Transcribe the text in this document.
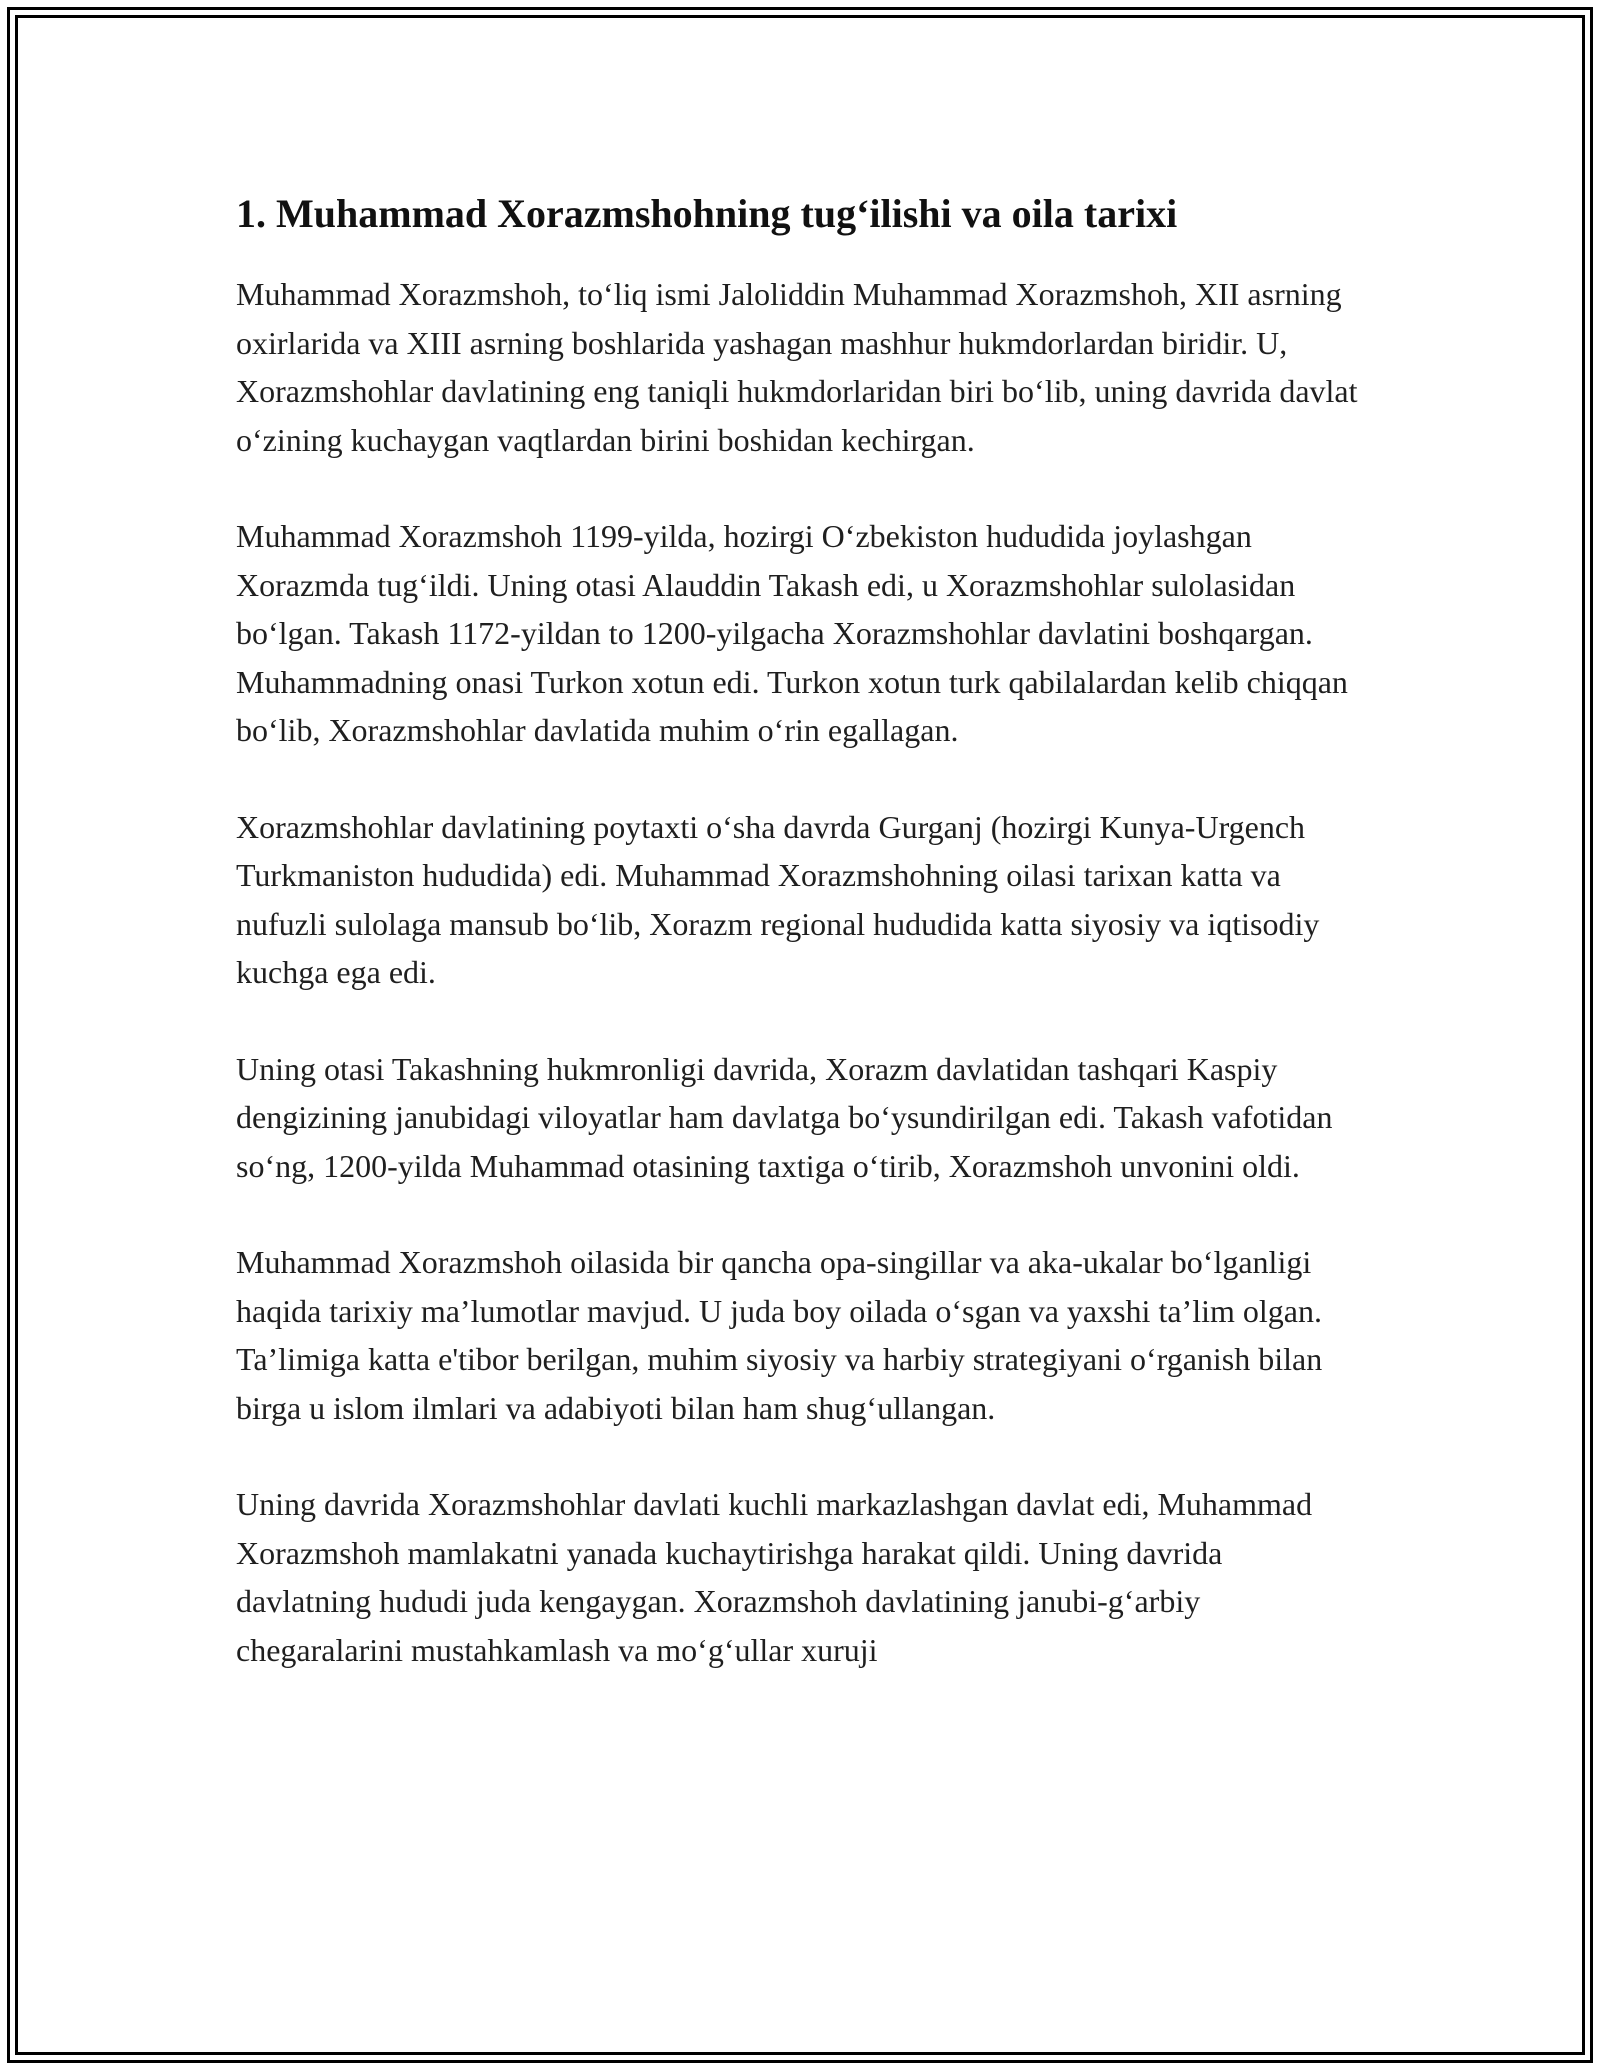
1. Muhammad Xorazmshohning tug‘ilishi va oila tarixi

Muhammad Xorazmshoh, to‘liq ismi Jaloliddin Muhammad Xorazmshoh, XII asrning oxirlarida va XIII asrning boshlarida yashagan mashhur hukmdorlardan biridir. U, Xorazmshohlar davlatining eng taniqli hukmdorlaridan biri bo‘lib, uning davrida davlat o‘zining kuchaygan vaqtlardan birini boshidan kechirgan.

Muhammad Xorazmshoh 1199-yilda, hozirgi O‘zbekiston hududida joylashgan Xorazmda tug‘ildi. Uning otasi Alauddin Takash edi, u Xorazmshohlar sulolasidan bo‘lgan. Takash 1172-yildan to 1200-yilgacha Xorazmshohlar davlatini boshqargan. Muhammadning onasi Turkon xotun edi. Turkon xotun turk qabilalardan kelib chiqqan bo‘lib, Xorazmshohlar davlatida muhim o‘rin egallagan.

Xorazmshohlar davlatining poytaxti o‘sha davrda Gurganj (hozirgi Kunya-Urgench Turkmaniston hududida) edi. Muhammad Xorazmshohning oilasi tarixan katta va nufuzli sulolaga mansub bo‘lib, Xorazm regional hududida katta siyosiy va iqtisodiy kuchga ega edi.

Uning otasi Takashning hukmronligi davrida, Xorazm davlatidan tashqari Kaspiy dengizining janubidagi viloyatlar ham davlatga bo‘ysundirilgan edi. Takash vafotidan so‘ng, 1200-yilda Muhammad otasining taxtiga o‘tirib, Xorazmshoh unvonini oldi.

Muhammad Xorazmshoh oilasida bir qancha opa-singillar va aka-ukalar bo‘lganligi haqida tarixiy ma’lumotlar mavjud. U juda boy oilada o‘sgan va yaxshi ta’lim olgan. Ta’limiga katta e'tibor berilgan, muhim siyosiy va harbiy strategiyani o‘rganish bilan birga u islom ilmlari va adabiyoti bilan ham shug‘ullangan.

Uning davrida Xorazmshohlar davlati kuchli markazlashgan davlat edi, Muhammad Xorazmshoh mamlakatni yanada kuchaytirishga harakat qildi. Uning davrida davlatning hududi juda kengaygan. Xorazmshoh davlatining janubi-g‘arbiy chegaralarini mustahkamlash va mo‘g‘ullar xuruji
